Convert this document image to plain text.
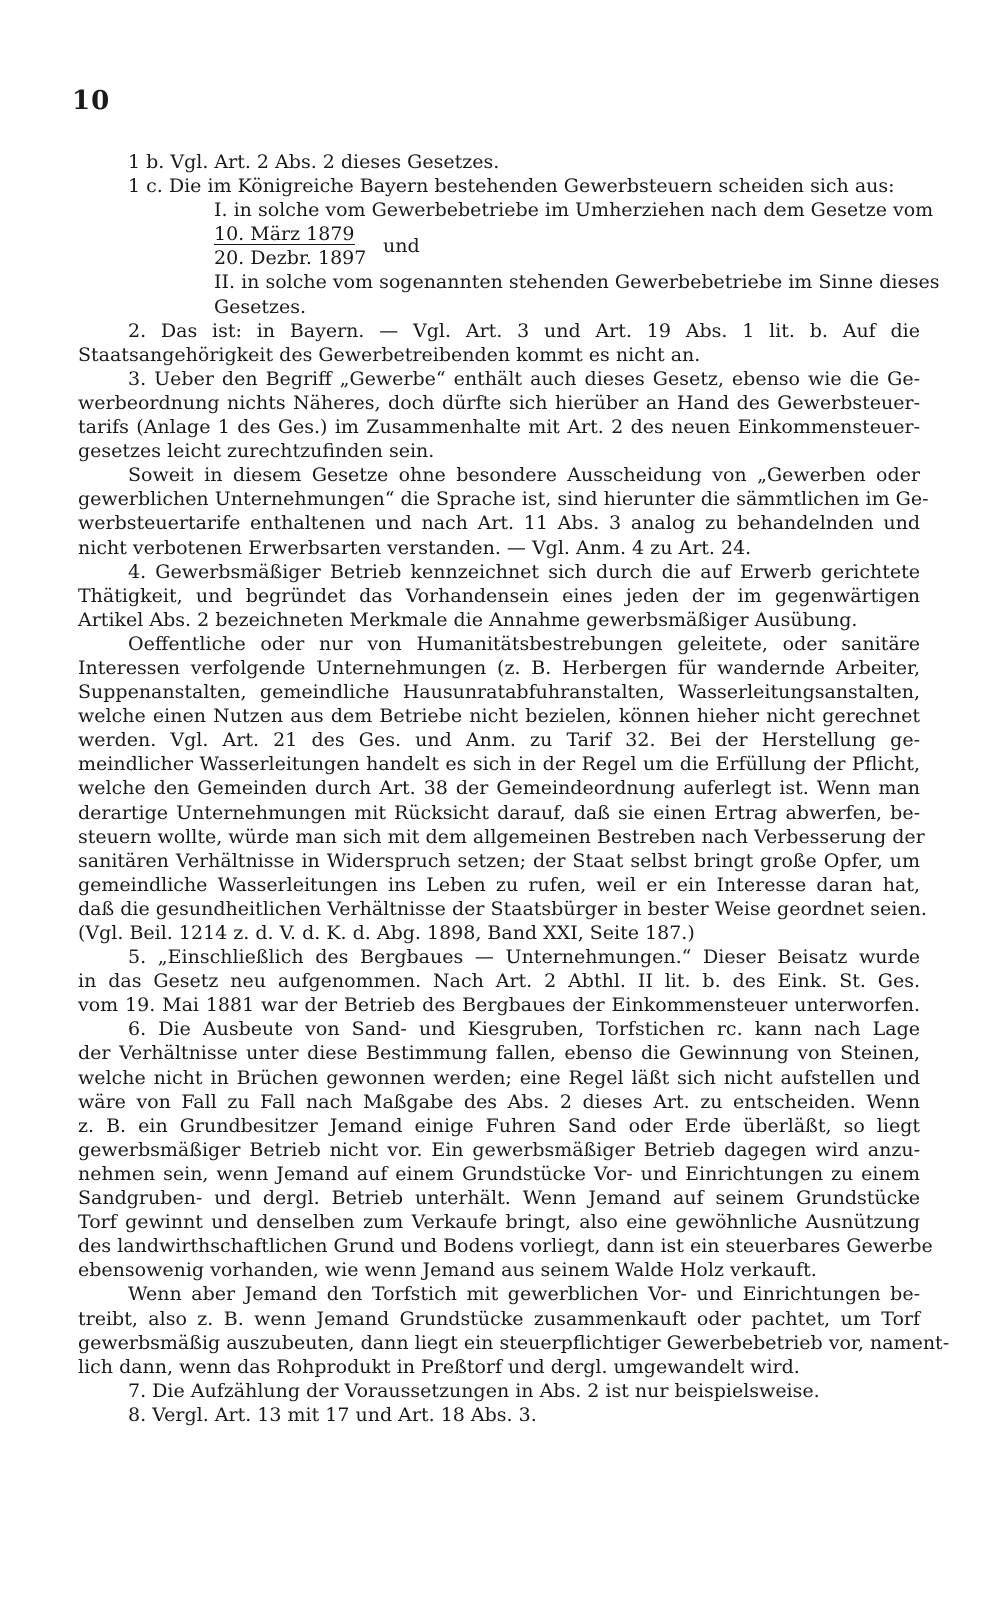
10
1 b. Vgl. Art. 2 Abs. 2 dieses Gesetzes.
1 c. Die im Königreiche Bayern bestehenden Gewerbsteuern scheiden sich aus:
I. in solche vom Gewerbebetriebe im Umherziehen nach dem Gesetze vom
10. März 1879
20. Dezbr. 1897
und
II. in solche vom sogenannten stehenden Gewerbebetriebe im Sinne dieses
Gesetzes.
2. Das ist: in Bayern. — Vgl. Art. 3 und Art. 19 Abs. 1 lit. b. Auf die
Staatsangehörigkeit des Gewerbetreibenden kommt es nicht an.
3. Ueber den Begriff „Gewerbe“ enthält auch dieses Gesetz, ebenso wie die Ge-
werbeordnung nichts Näheres, doch dürfte sich hierüber an Hand des Gewerbsteuer-
tarifs (Anlage 1 des Ges.) im Zusammenhalte mit Art. 2 des neuen Einkommensteuer-
gesetzes leicht zurechtzufinden sein.
Soweit in diesem Gesetze ohne besondere Ausscheidung von „Gewerben oder
gewerblichen Unternehmungen“ die Sprache ist, sind hierunter die sämmtlichen im Ge-
werbsteuertarife enthaltenen und nach Art. 11 Abs. 3 analog zu behandelnden und
nicht verbotenen Erwerbsarten verstanden. — Vgl. Anm. 4 zu Art. 24.
4. Gewerbsmäßiger Betrieb kennzeichnet sich durch die auf Erwerb gerichtete
Thätigkeit, und begründet das Vorhandensein eines jeden der im gegenwärtigen
Artikel Abs. 2 bezeichneten Merkmale die Annahme gewerbsmäßiger Ausübung.
Oeffentliche oder nur von Humanitätsbestrebungen geleitete, oder sanitäre
Interessen verfolgende Unternehmungen (z. B. Herbergen für wandernde Arbeiter,
Suppenanstalten, gemeindliche Hausunratabfuhranstalten, Wasserleitungsanstalten,
welche einen Nutzen aus dem Betriebe nicht bezielen, können hieher nicht gerechnet
werden. Vgl. Art. 21 des Ges. und Anm. zu Tarif 32. Bei der Herstellung ge-
meindlicher Wasserleitungen handelt es sich in der Regel um die Erfüllung der Pflicht,
welche den Gemeinden durch Art. 38 der Gemeindeordnung auferlegt ist. Wenn man
derartige Unternehmungen mit Rücksicht darauf, daß sie einen Ertrag abwerfen, be-
steuern wollte, würde man sich mit dem allgemeinen Bestreben nach Verbesserung der
sanitären Verhältnisse in Widerspruch setzen; der Staat selbst bringt große Opfer, um
gemeindliche Wasserleitungen ins Leben zu rufen, weil er ein Interesse daran hat,
daß die gesundheitlichen Verhältnisse der Staatsbürger in bester Weise geordnet seien.
(Vgl. Beil. 1214 z. d. V. d. K. d. Abg. 1898, Band XXI, Seite 187.)
5. „Einschließlich des Bergbaues — Unternehmungen.“ Dieser Beisatz wurde
in das Gesetz neu aufgenommen. Nach Art. 2 Abthl. II lit. b. des Eink. St. Ges.
vom 19. Mai 1881 war der Betrieb des Bergbaues der Einkommensteuer unterworfen.
6. Die Ausbeute von Sand- und Kiesgruben, Torfstichen rc. kann nach Lage
der Verhältnisse unter diese Bestimmung fallen, ebenso die Gewinnung von Steinen,
welche nicht in Brüchen gewonnen werden; eine Regel läßt sich nicht aufstellen und
wäre von Fall zu Fall nach Maßgabe des Abs. 2 dieses Art. zu entscheiden. Wenn
z. B. ein Grundbesitzer Jemand einige Fuhren Sand oder Erde überläßt, so liegt
gewerbsmäßiger Betrieb nicht vor. Ein gewerbsmäßiger Betrieb dagegen wird anzu-
nehmen sein, wenn Jemand auf einem Grundstücke Vor- und Einrichtungen zu einem
Sandgruben- und dergl. Betrieb unterhält. Wenn Jemand auf seinem Grundstücke
Torf gewinnt und denselben zum Verkaufe bringt, also eine gewöhnliche Ausnützung
des landwirthschaftlichen Grund und Bodens vorliegt, dann ist ein steuerbares Gewerbe
ebensowenig vorhanden, wie wenn Jemand aus seinem Walde Holz verkauft.
Wenn aber Jemand den Torfstich mit gewerblichen Vor- und Einrichtungen be-
treibt, also z. B. wenn Jemand Grundstücke zusammenkauft oder pachtet, um Torf
gewerbsmäßig auszubeuten, dann liegt ein steuerpflichtiger Gewerbebetrieb vor, nament-
lich dann, wenn das Rohprodukt in Preßtorf und dergl. umgewandelt wird.
7. Die Aufzählung der Voraussetzungen in Abs. 2 ist nur beispielsweise.
8. Vergl. Art. 13 mit 17 und Art. 18 Abs. 3.
